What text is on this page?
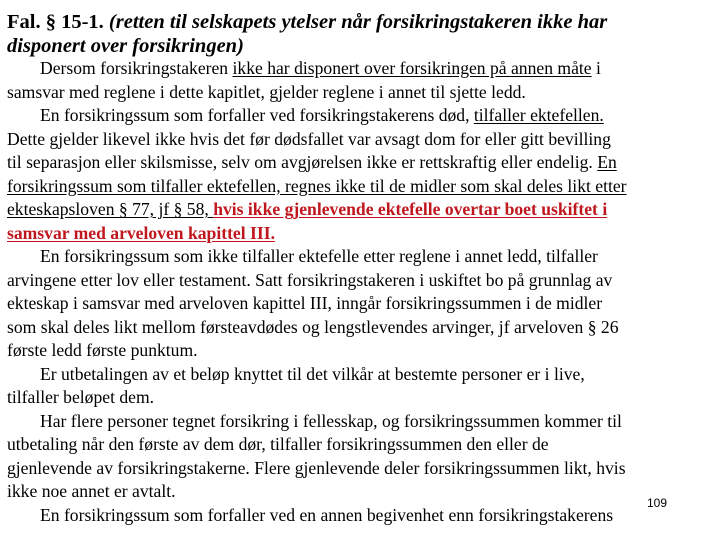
Fal. § 15-1. (retten til selskapets ytelser når forsikringstakeren ikke har
disponert over forsikringen)
Dersom forsikringstakeren ikke har disponert over forsikringen på annen måte i
samsvar med reglene i dette kapitlet, gjelder reglene i annet til sjette ledd.
En forsikringssum som forfaller ved forsikringstakerens død, tilfaller ektefellen.
Dette gjelder likevel ikke hvis det før dødsfallet var avsagt dom for eller gitt bevilling
til separasjon eller skilsmisse, selv om avgjørelsen ikke er rettskraftig eller endelig. En
forsikringssum som tilfaller ektefellen, regnes ikke til de midler som skal deles likt etter
ekteskapsloven § 77, jf § 58, hvis ikke gjenlevende ektefelle overtar boet uskiftet i
samsvar med arveloven kapittel III.
En forsikringssum som ikke tilfaller ektefelle etter reglene i annet ledd, tilfaller
arvingene etter lov eller testament. Satt forsikringstakeren i uskiftet bo på grunnlag av
ekteskap i samsvar med arveloven kapittel III, inngår forsikringssummen i de midler
som skal deles likt mellom førsteavdødes og lengstlevendes arvinger, jf arveloven § 26
første ledd første punktum.
Er utbetalingen av et beløp knyttet til det vilkår at bestemte personer er i live,
tilfaller beløpet dem.
Har flere personer tegnet forsikring i fellesskap, og forsikringssummen kommer til
utbetaling når den første av dem dør, tilfaller forsikringssummen den eller de
gjenlevende av forsikringstakerne. Flere gjenlevende deler forsikringssummen likt, hvis
ikke noe annet er avtalt.
En forsikringssum som forfaller ved en annen begivenhet enn forsikringstakerens
109
